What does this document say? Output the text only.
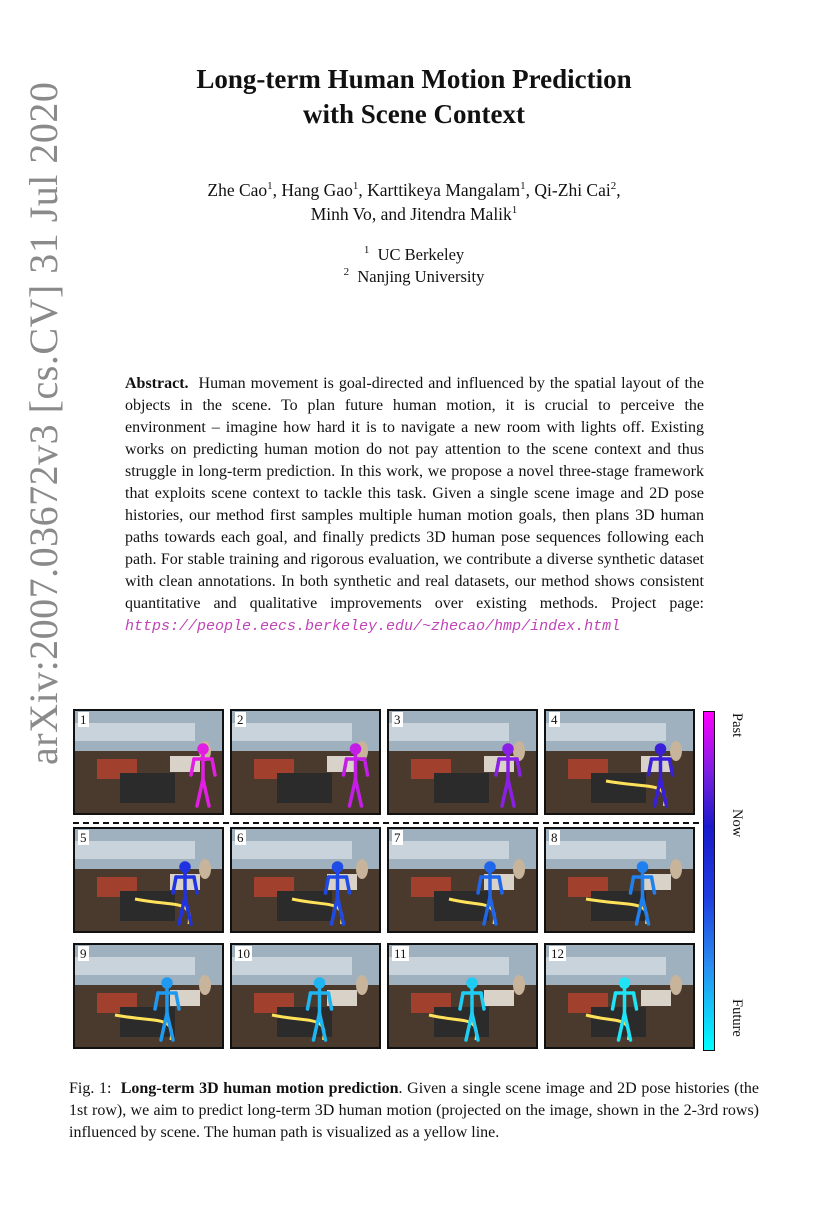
arXiv:2007.03672v3 [cs.CV] 31 Jul 2020
Long-term Human Motion Prediction
with Scene Context
Zhe Cao$^1$, Hang Gao$^1$, Karttikeya Mangalam$^1$, Qi-Zhi Cai$^2$,
Minh Vo, and Jitendra Malik$^1$
$^1$ UC Berkeley
$^2$ Nanjing University
Abstract. Human movement is goal-directed and influenced by the spatial layout of the objects in the scene. To plan future human motion, it is crucial to perceive the environment – imagine how hard it is to navigate a new room with lights off. Existing works on predicting human motion do not pay attention to the scene context and thus struggle in long-term prediction. In this work, we propose a novel three-stage framework that exploits scene context to tackle this task. Given a single scene image and 2D pose histories, our method first samples multiple human motion goals, then plans 3D human paths towards each goal, and finally predicts 3D human pose sequences following each path. For stable training and rigorous evaluation, we contribute a diverse synthetic dataset with clean annotations. In both synthetic and real datasets, our method shows consistent quantitative and qualitative improvements over existing methods. Project page: https://people.eecs.berkeley.edu/~zhecao/hmp/index.html
1	2	3	4
5	6	7	8
9	10	11	12
Past
Now
Future
Fig. 1: Long-term 3D human motion prediction. Given a single scene image and 2D pose histories (the 1st row), we aim to predict long-term 3D human motion (projected on the image, shown in the 2-3rd rows) influenced by scene. The human path is visualized as a yellow line.
